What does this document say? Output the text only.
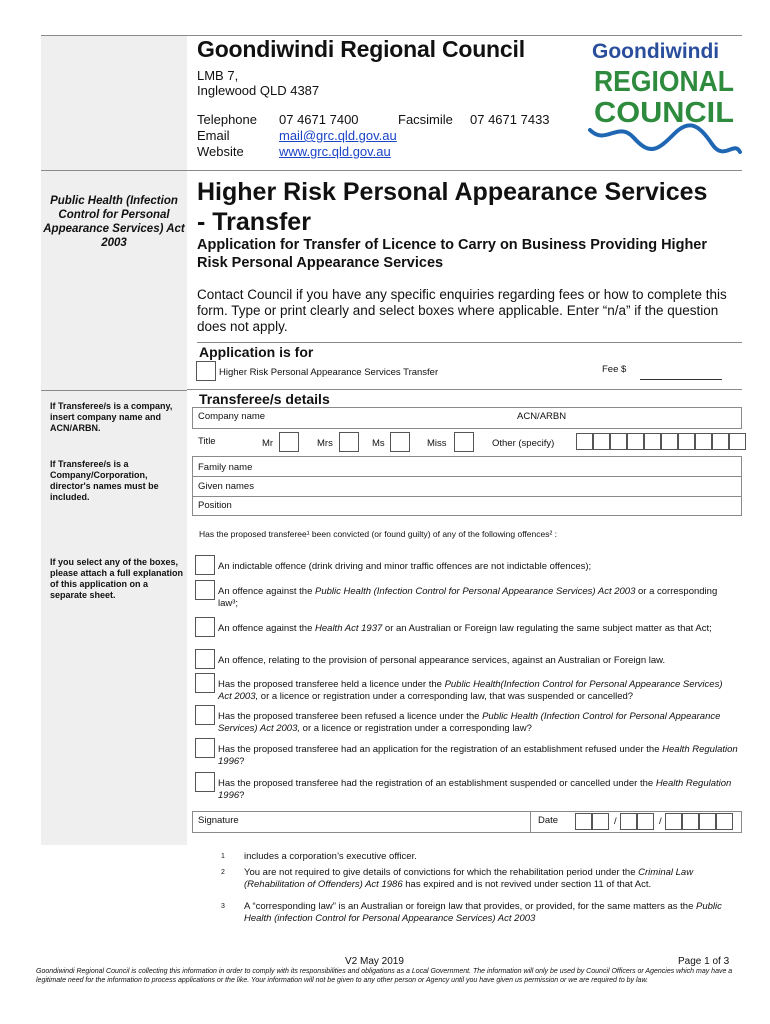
Goondiwindi Regional Council
LMB 7,
Inglewood QLD 4387
Telephone 07 4671 7400	Facsimile 07 4671 7433
Email	mail@grc.qld.gov.au
Website	www.grc.qld.gov.au
Goondiwindi
REGIONAL
COUNCIL
Public Health (Infection Control for Personal Appearance Services) Act 2003
If Transferee/s is a company, insert company name and ACN/ARBN.
If Transferee/s is a Company/Corporation, director's names must be included.
If you select any of the boxes, please attach a full explanation of this application on a separate sheet.
Higher Risk Personal Appearance Services
- Transfer
Application for Transfer of Licence to Carry on Business Providing Higher Risk Personal Appearance Services
Contact Council if you have any specific enquiries regarding fees or how to complete this form. Type or print clearly and select boxes where applicable. Enter “n/a” if the question does not apply.
Application is for
Higher Risk Personal Appearance Services Transfer	Fee $
Transferee/s details
Company name	ACN/ARBN
Title	Mr	Mrs	Ms	Miss	Other (specify)
Family name
Given names
Position
Has the proposed transferee¹ been convicted (or found guilty) of any of the following offences² :
An indictable offence (drink driving and minor traffic offences are not indictable offences);
An offence against the Public Health (Infection Control for Personal Appearance Services) Act 2003 or a corresponding law³;
An offence against the Health Act 1937 or an Australian or Foreign law regulating the same subject matter as that Act;
An offence, relating to the provision of personal appearance services, against an Australian or Foreign law.
Has the proposed transferee held a licence under the Public Health(Infection Control for Personal Appearance Services) Act 2003, or a licence or registration under a corresponding law, that was suspended or cancelled?
Has the proposed transferee been refused a licence under the Public Health (Infection Control for Personal Appearance Services) Act 2003, or a licence or registration under a corresponding law?
Has the proposed transferee had an application for the registration of an establishment refused under the Health Regulation 1996?
Has the proposed transferee had the registration of an establishment suspended or cancelled under the Health Regulation 1996?
Signature	Date	/	/
1 includes a corporation’s executive officer.
2 You are not required to give details of convictions for which the rehabilitation period under the Criminal Law (Rehabilitation of Offenders) Act 1986 has expired and is not revived under section 11 of that Act.
3 A “corresponding law” is an Australian or foreign law that provides, or provided, for the same matters as the Public Health (infection Control for Personal Appearance Services) Act 2003
V2 May 2019	Page 1 of 3
Goondiwindi Regional Council is collecting this information in order to comply with its responsibilities and obligations as a Local Government. The information will only be used by Council Officers or Agencies which may have a legitimate need for the information to process applications or the like. Your information will not be given to any other person or Agency until you have given us permission or we are required to by law.
